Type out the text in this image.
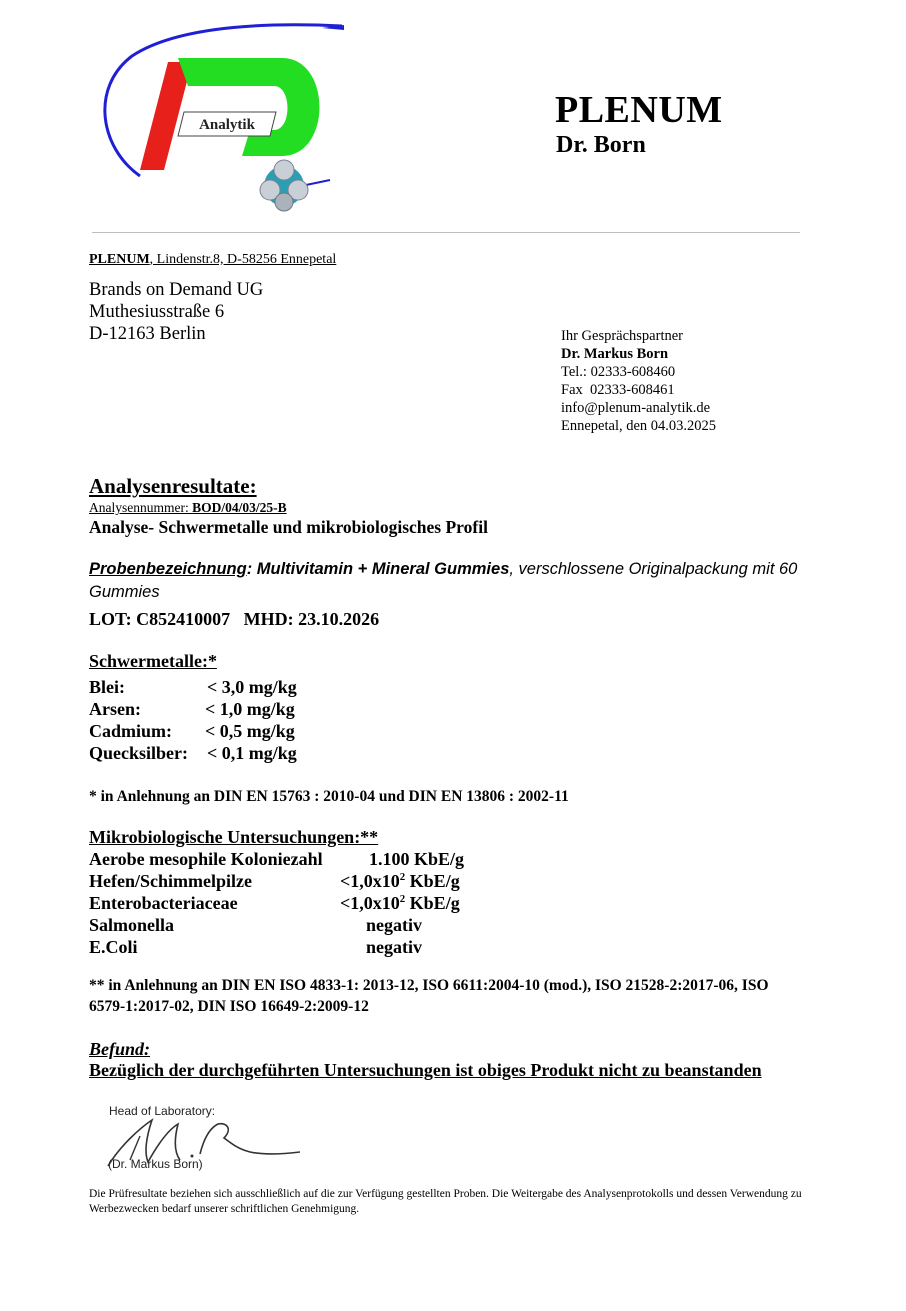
Analytik	PLENUM
Dr. Born
PLENUM, Lindenstr.8, D-58256 Ennepetal
Brands on Demand UG
Muthesiusstraße 6
D-12163 Berlin	Ihr Gesprächspartner
Dr. Markus Born
Tel.: 02333-608460
Fax  02333-608461
info@plenum-analytik.de
Ennepetal, den 04.03.2025
Analysenresultate:
Analysennummer: BOD/04/03/25-B
Analyse- Schwermetalle und mikrobiologisches Profil
Probenbezeichnung: Multivitamin + Mineral Gummies, verschlossene Originalpackung mit 60 Gummies
LOT: C852410007   MHD: 23.10.2026
Schwermetalle:*
Blei:	< 3,0 mg/kg
Arsen:	< 1,0 mg/kg
Cadmium: < 0,5 mg/kg
Quecksilber: < 0,1 mg/kg
* in Anlehnung an DIN EN 15763 : 2010-04 und DIN EN 13806 : 2002-11
Mikrobiologische Untersuchungen:**
Aerobe mesophile Koloniezahl	1.100 KbE/g
Hefen/Schimmelpilze	$<1,0x10^2$ KbE/g
Enterobacteriaceae	$<1,0x10^2$ KbE/g
Salmonella	negativ
E.Coli	negativ
** in Anlehnung an DIN EN ISO 4833-1: 2013-12, ISO 6611:2004-10 (mod.), ISO 21528-2:2017-06, ISO 6579-1:2017-02, DIN ISO 16649-2:2009-12
Befund:
Bezüglich der durchgeführten Untersuchungen ist obiges Produkt nicht zu beanstanden
Head of Laboratory:
(Dr. Markus Born)
Die Prüfresultate beziehen sich ausschließlich auf die zur Verfügung gestellten Proben. Die Weitergabe des Analysenprotokolls und dessen Verwendung zu Werbezwecken bedarf unserer schriftlichen Genehmigung.
